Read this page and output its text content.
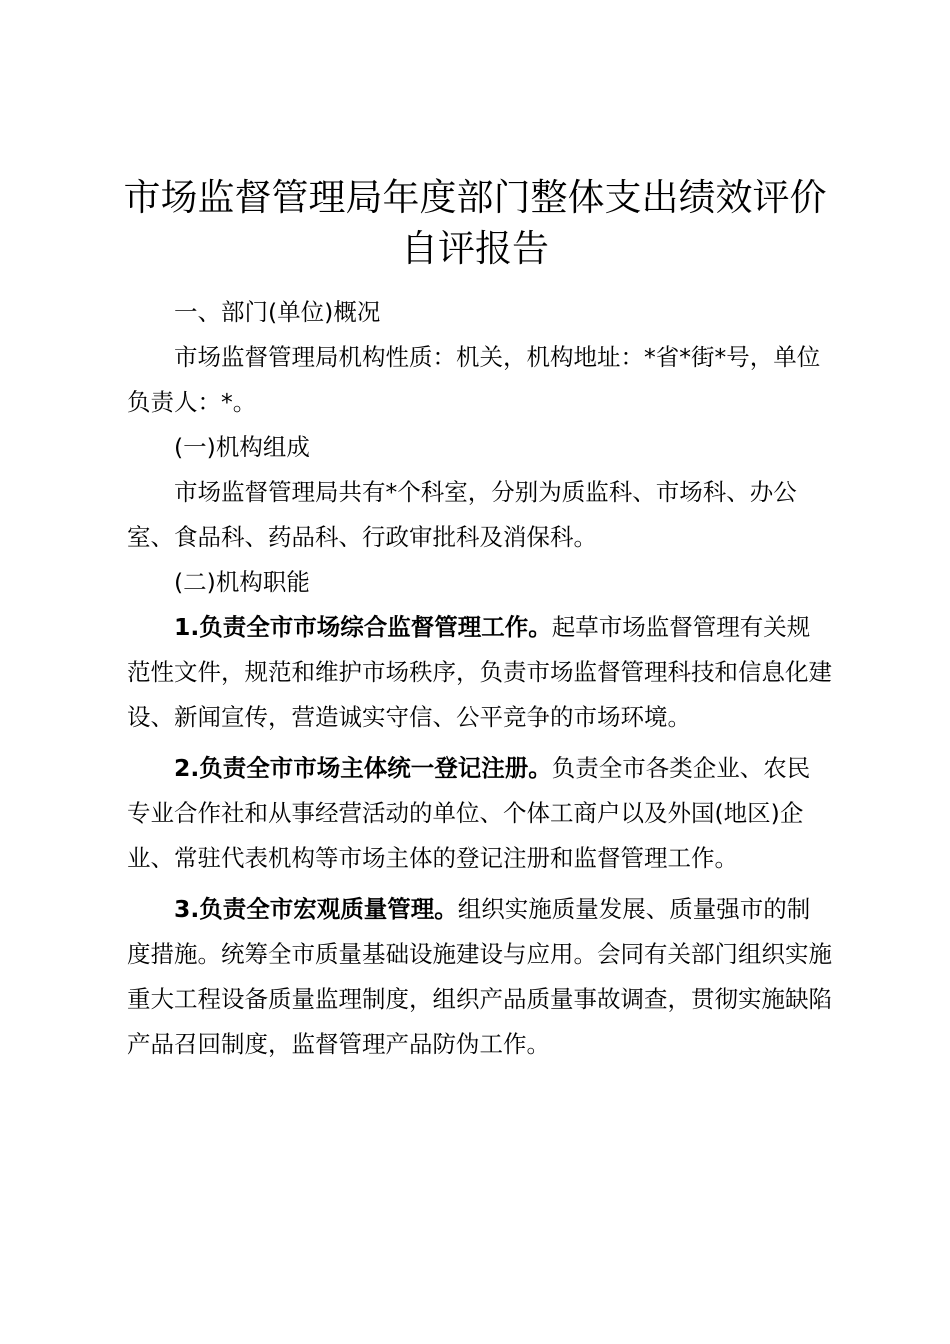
市场监督管理局年度部门整体支出绩效评价自评报告

一、部门(单位)概况

市场监督管理局机构性质：机关，机构地址：*省*街*号，单位负责人：*。

(一)机构组成

市场监督管理局共有*个科室，分别为质监科、市场科、办公室、食品科、药品科、行政审批科及消保科。

(二)机构职能

1.负责全市市场综合监督管理工作。起草市场监督管理有关规范性文件，规范和维护市场秩序，负责市场监督管理科技和信息化建设、新闻宣传，营造诚实守信、公平竞争的市场环境。

2.负责全市市场主体统一登记注册。负责全市各类企业、农民专业合作社和从事经营活动的单位、个体工商户以及外国(地区)企业、常驻代表机构等市场主体的登记注册和监督管理工作。

3.负责全市宏观质量管理。组织实施质量发展、质量强市的制度措施。统筹全市质量基础设施建设与应用。会同有关部门组织实施重大工程设备质量监理制度，组织产品质量事故调查，贯彻实施缺陷产品召回制度，监督管理产品防伪工作。
